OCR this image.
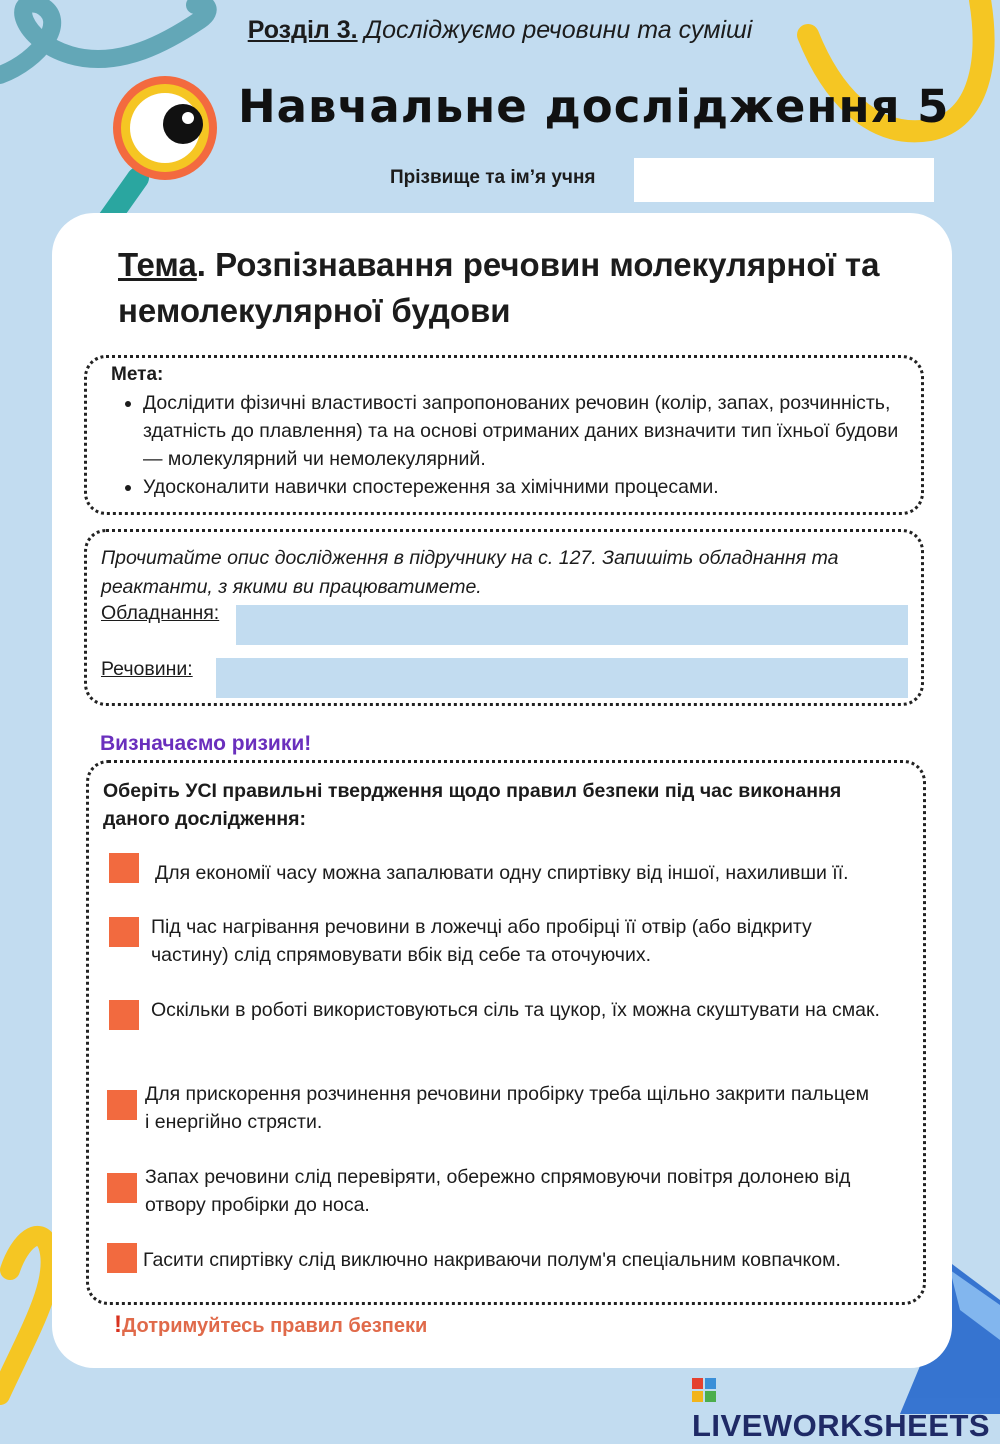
Розділ 3. Досліджуємо речовини та суміші
Навчальне дослідження 5
Прізвище та ім’я учня
Тема. Розпізнавання речовин молекулярної та немолекулярної будови
Мета:
• Дослідити фізичні властивості запропонованих речовин (колір, запах, розчинність, здатність до плавлення) та на основі отриманих даних визначити тип їхньої будови — молекулярний чи немолекулярний.
• Удосконалити навички спостереження за хімічними процесами.
Прочитайте опис дослідження в підручнику на с. 127. Запишіть обладнання та реактанти, з якими ви працюватимете.
Обладнання:
Речовини:
Визначаємо ризики!
Оберіть УСІ правильні твердження щодо правил безпеки під час виконання даного дослідження:
Для економії часу можна запалювати одну спиртівку від іншої, нахиливши її.
Під час нагрівання речовини в ложечці або пробірці її отвір (або відкриту частину) слід спрямовувати вбік від себе та оточуючих.
Оскільки в роботі використовуються сіль та цукор, їх можна скуштувати на смак.
Для прискорення розчинення речовини пробірку треба щільно закрити пальцем і енергійно стрясти.
Запах речовини слід перевіряти, обережно спрямовуючи повітря долонею від отвору пробірки до носа.
Гасити спиртівку слід виключно накриваючи полум'я спеціальним ковпачком.
!Дотримуйтесь правил безпеки
LIVEWORKSHEETS
